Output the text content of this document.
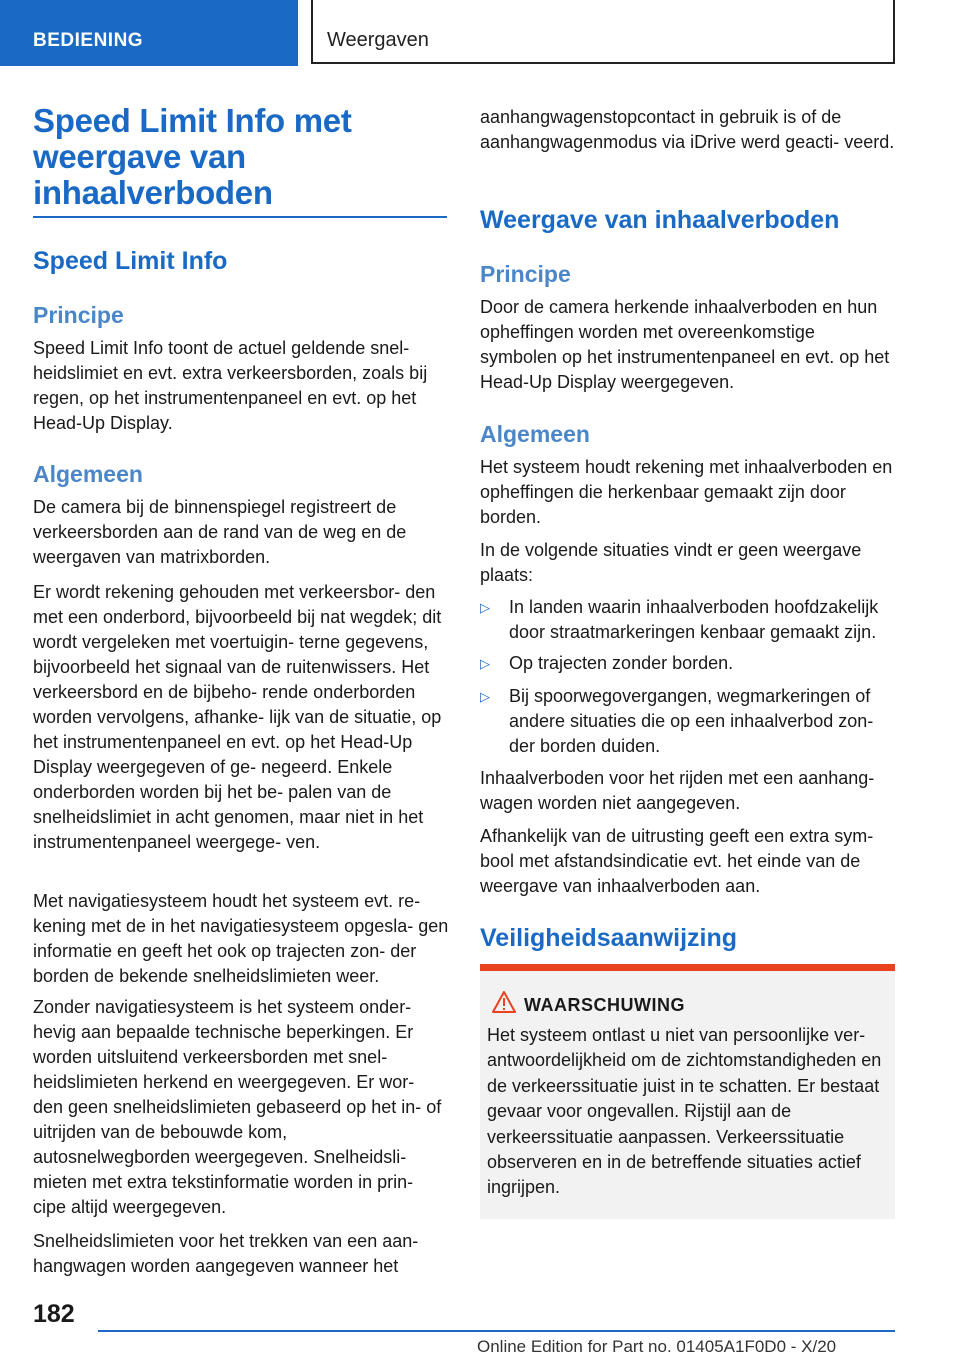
BEDIENING	Weergaven
Speed Limit Info met weergave van inhaalverboden
Speed Limit Info
Principe

Speed Limit Info toont de actuel geldende snel- heidslimiet en evt. extra verkeersborden, zoals bij regen, op het instrumentenpaneel en evt. op het Head-Up Display.

Algemeen

De camera bij de binnenspiegel registreert de verkeersborden aan de rand van de weg en de weergaven van matrixborden.

Er wordt rekening gehouden met verkeersbor- den met een onderbord, bijvoorbeeld bij nat wegdek; dit wordt vergeleken met voertuigin- terne gegevens, bijvoorbeeld het signaal van de ruitenwissers. Het verkeersbord en de bijbeho- rende onderborden worden vervolgens, afhanke- lijk van de situatie, op het instrumentenpaneel en evt. op het Head-Up Display weergegeven of ge- negeerd. Enkele onderborden worden bij het be- palen van de snelheidslimiet in acht genomen, maar niet in het instrumentenpaneel weergege- ven.

Met navigatiesysteem houdt het systeem evt. re- kening met de in het navigatiesysteem opgesla- gen informatie en geeft het ook op trajecten zon- der borden de bekende snelheidslimieten weer.

Zonder navigatiesysteem is het systeem onder- hevig aan bepaalde technische beperkingen. Er worden uitsluitend verkeersborden met snel- heidslimieten herkend en weergegeven. Er wor- den geen snelheidslimieten gebaseerd op het in- of uitrijden van de bebouwde kom, autosnelwegborden weergegeven. Snelheidsli- mieten met extra tekstinformatie worden in prin- cipe altijd weergegeven.

Snelheidslimieten voor het trekken van een aan- hangwagen worden aangegeven wanneer het

aanhangwagenstopcontact in gebruik is of de aanhangwagenmodus via iDrive werd geacti- veerd.

Weergave van inhaalverboden
Principe

Door de camera herkende inhaalverboden en hun opheffingen worden met overeenkomstige symbolen op het instrumentenpaneel en evt. op het Head-Up Display weergegeven.

Algemeen

Het systeem houdt rekening met inhaalverboden en opheffingen die herkenbaar gemaakt zijn door borden.

In de volgende situaties vindt er geen weergave plaats:

▷ In landen waarin inhaalverboden hoofdzakelijk door straatmarkeringen kenbaar gemaakt zijn.
▷ Op trajecten zonder borden.
▷ Bij spoorwegovergangen, wegmarkeringen of andere situaties die op een inhaalverbod zon- der borden duiden.

Inhaalverboden voor het rijden met een aanhang- wagen worden niet aangegeven.

Afhankelijk van de uitrusting geeft een extra sym- bool met afstandsindicatie evt. het einde van de weergave van inhaalverboden aan.

Veiligheidsaanwijzing
WAARSCHUWING
Het systeem ontlast u niet van persoonlijke ver- antwoordelijkheid om de zichtomstandigheden en de verkeerssituatie juist in te schatten. Er bestaat gevaar voor ongevallen. Rijstijl aan de verkeerssituatie aanpassen. Verkeerssituatie observeren en in de betreffende situaties actief ingrijpen.
182
Online Edition for Part no. 01405A1F0D0 - X/20
